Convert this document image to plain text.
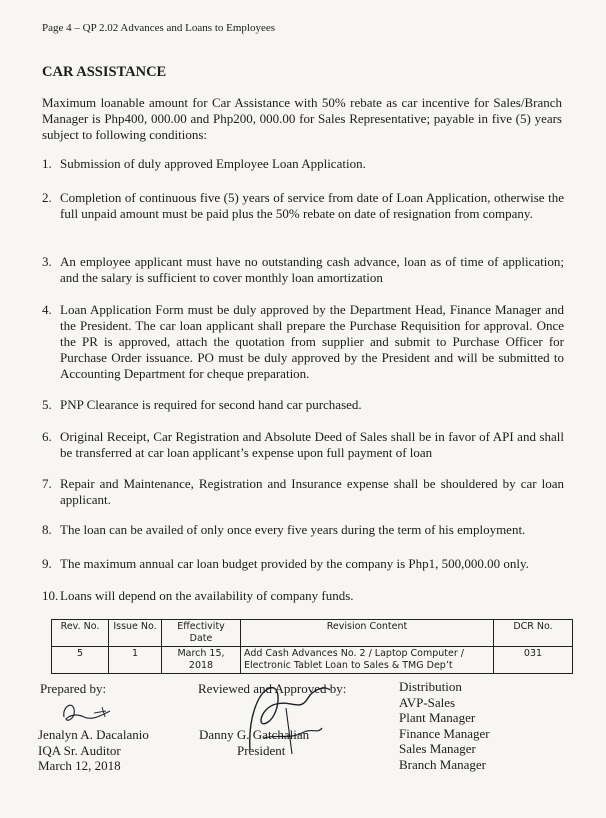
Page 4 – QP 2.02 Advances and Loans to Employees
CAR ASSISTANCE
Maximum loanable amount for Car Assistance with 50% rebate as car incentive for Sales/Branch Manager is Php400, 000.00 and Php200, 000.00 for Sales Representative; payable in five (5) years subject to following conditions:
1. Submission of duly approved Employee Loan Application.
2. Completion of continuous five (5) years of service from date of Loan Application, otherwise the full unpaid amount must be paid plus the 50% rebate on date of resignation from company.
3. An employee applicant must have no outstanding cash advance, loan as of time of application; and the salary is sufficient to cover monthly loan amortization
4. Loan Application Form must be duly approved by the Department Head, Finance Manager and the President. The car loan applicant shall prepare the Purchase Requisition for approval. Once the PR is approved, attach the quotation from supplier and submit to Purchase Officer for Purchase Order issuance. PO must be duly approved by the President and will be submitted to Accounting Department for cheque preparation.
5. PNP Clearance is required for second hand car purchased.
6. Original Receipt, Car Registration and Absolute Deed of Sales shall be in favor of API and shall be transferred at car loan applicant’s expense upon full payment of loan
7. Repair and Maintenance, Registration and Insurance expense shall be shouldered by car loan applicant.
8. The loan can be availed of only once every five years during the term of his employment.
9. The maximum annual car loan budget provided by the company is Php1, 500,000.00 only.
10. Loans will depend on the availability of company funds.
Rev. No.	Issue No.	Effectivity Date	Revision Content	DCR No.
5	1	March 15, 2018	Add Cash Advances No. 2 / Laptop Computer / Electronic Tablet Loan to Sales & TMG Dep’t	031
Prepared by:
Jenalyn A. Dacalanio
IQA Sr. Auditor
March 12, 2018
Reviewed and Approved by:
Danny G. Gatchalian
President
Distribution
AVP-Sales
Plant Manager
Finance Manager
Sales Manager
Branch Manager
